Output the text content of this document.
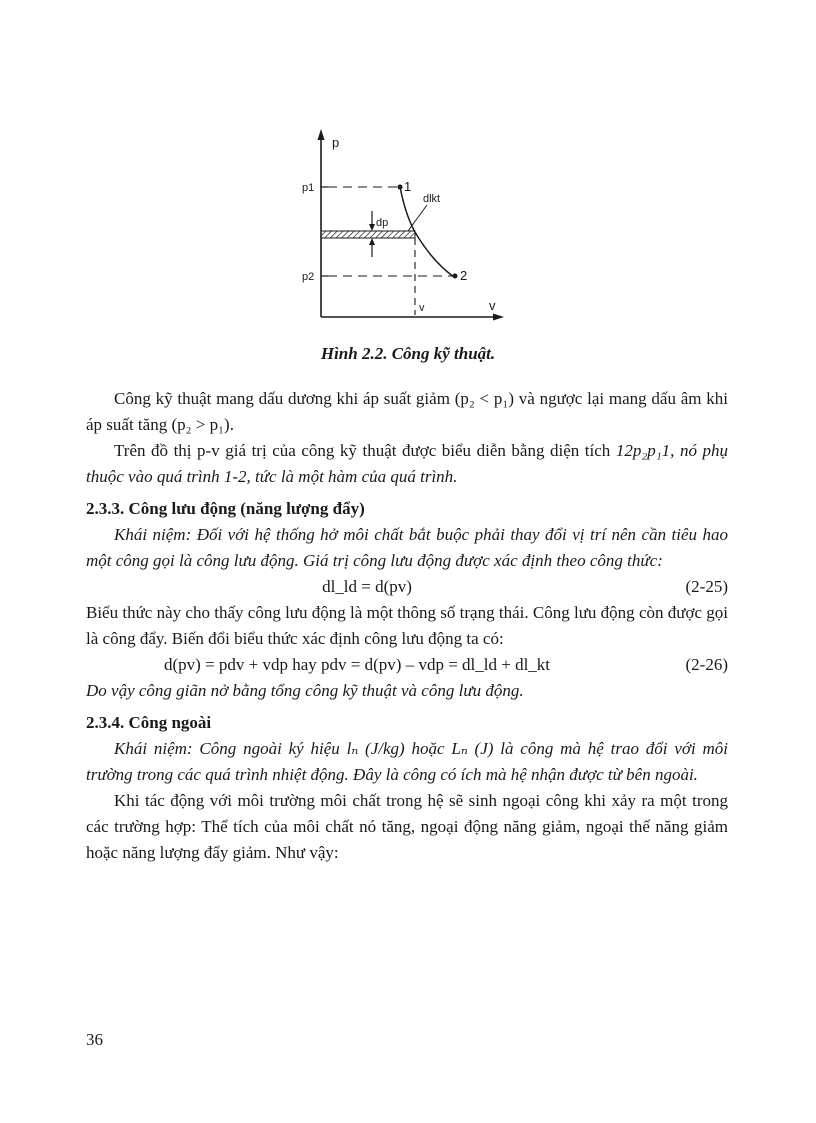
p
v
p1
p2
1
2
dlkt
dp
v
Hình 2.2. Công kỹ thuật.

Công kỹ thuật mang dấu dương khi áp suất giảm (p₂ < p₁) và ngược lại mang dấu âm khi áp suất tăng (p₂ > p₁).

Trên đồ thị p-v giá trị của công kỹ thuật được biểu diễn bằng diện tích 12p₂p₁1, nó phụ thuộc vào quá trình 1-2, tức là một hàm của quá trình.

2.3.3. Công lưu động (năng lượng đẩy)

Khái niệm: Đối với hệ thống hở môi chất bắt buộc phải thay đổi vị trí nên cần tiêu hao một công gọi là công lưu động. Giá trị công lưu động được xác định theo công thức:

dl_ld = d(pv)	(2-25)

Biểu thức này cho thấy công lưu động là một thông số trạng thái. Công lưu động còn được gọi là công đẩy. Biến đổi biểu thức xác định công lưu động ta có:

d(pv) = pdv + vdp hay pdv = d(pv) – vdp = dl_ld + dl_kt	(2-26)

Do vậy công giãn nở bằng tổng công kỹ thuật và công lưu động.

2.3.4. Công ngoài

Khái niệm: Công ngoài ký hiệu lₙ (J/kg) hoặc Lₙ (J) là công mà hệ trao đổi với môi trường trong các quá trình nhiệt động. Đây là công có ích mà hệ nhận được từ bên ngoài.

Khi tác động với môi trường môi chất trong hệ sẽ sinh ngoại công khi xảy ra một trong các trường hợp: Thể tích của môi chất nó tăng, ngoại động năng giảm, ngoại thế năng giảm hoặc năng lượng đẩy giảm. Như vậy:

36
